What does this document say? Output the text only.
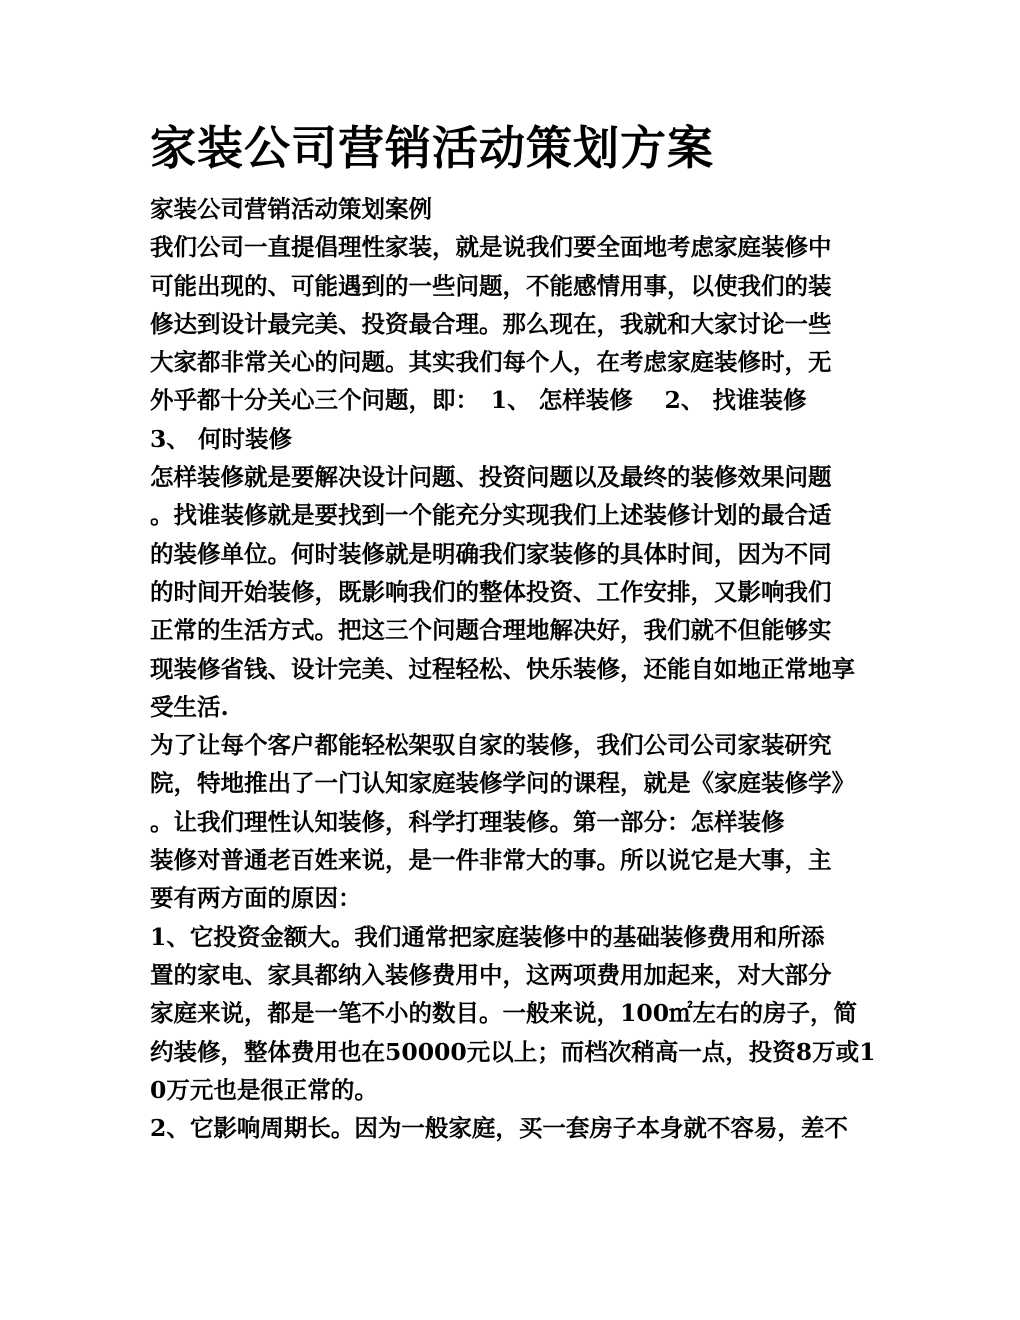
家装公司营销活动策划方案
家装公司营销活动策划案例
我们公司一直提倡理性家装，就是说我们要全面地考虑家庭装修中
可能出现的、可能遇到的一些问题，不能感情用事，以使我们的装
修达到设计最完美、投资最合理。那么现在，我就和大家讨论一些
大家都非常关心的问题。其实我们每个人，在考虑家庭装修时，无
外乎都十分关心三个问题，即：　1、 怎样装修　 2、 找谁装修
3、 何时装修
怎样装修就是要解决设计问题、投资问题以及最终的装修效果问题
。找谁装修就是要找到一个能充分实现我们上述装修计划的最合适
的装修单位。何时装修就是明确我们家装修的具体时间，因为不同
的时间开始装修，既影响我们的整体投资、工作安排，又影响我们
正常的生活方式。把这三个问题合理地解决好，我们就不但能够实
现装修省钱、设计完美、过程轻松、快乐装修，还能自如地正常地享
受生活.
为了让每个客户都能轻松架驭自家的装修，我们公司公司家装研究
院，特地推出了一门认知家庭装修学问的课程，就是《家庭装修学》
。让我们理性认知装修，科学打理装修。第一部分：怎样装修
装修对普通老百姓来说，是一件非常大的事。所以说它是大事，主
要有两方面的原因：
1、它投资金额大。我们通常把家庭装修中的基础装修费用和所添
置的家电、家具都纳入装修费用中，这两项费用加起来，对大部分
家庭来说，都是一笔不小的数目。一般来说，100㎡左右的房子，简
约装修，整体费用也在50000元以上；而档次稍高一点，投资8万或1
0万元也是很正常的。
2、它影响周期长。因为一般家庭，买一套房子本身就不容易，差不
